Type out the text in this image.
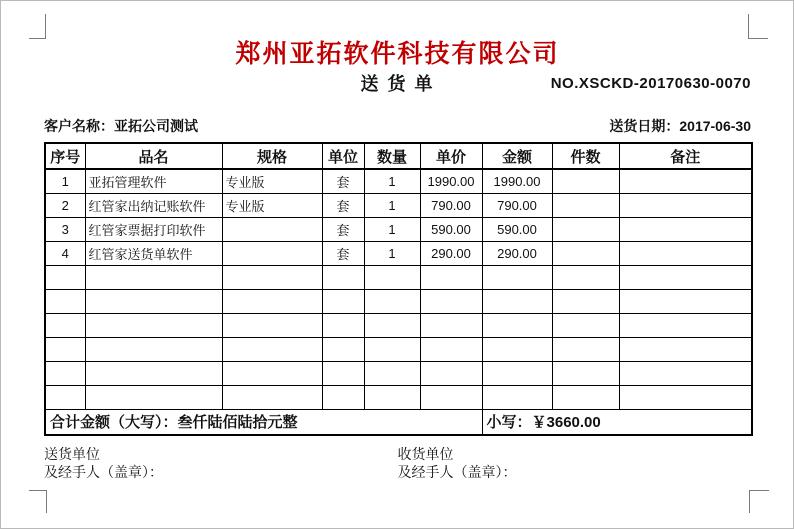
郑州亚拓软件科技有限公司
送 货 单	NO.XSCKD-20170630-0070
客户名称：亚拓公司测试	送货日期：2017-06-30
序号	品名	规格	单位	数量	单价	金额	件数	备注
1	亚拓管理软件	专业版	套	1	1990.00	1990.00		
2	红管家出纳记账软件	专业版	套	1	790.00	790.00		
3	红管家票据打印软件		套	1	590.00	590.00		
4	红管家送货单软件		套	1	290.00	290.00		

合计金额（大写）：叁仟陆佰陆拾元整						小写：￥3660.00		
送货单位
及经手人（盖章）：
收货单位
及经手人（盖章）：
